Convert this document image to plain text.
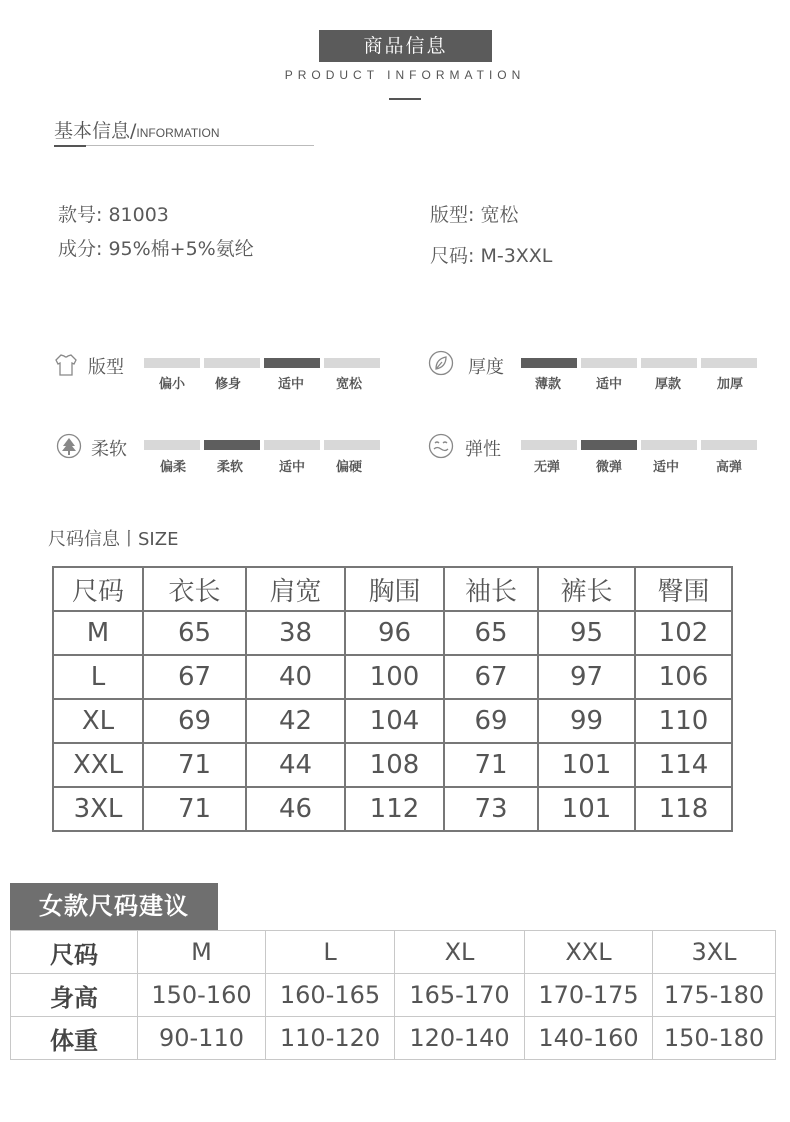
商品信息
PRODUCT INFORMATION
基本信息/INFORMATION
款号: 81003	版型: 宽松
成分: 95%棉+5%氨纶	尺码: M-3XXL
版型
偏小	修身	适中	宽松
厚度
薄款	适中	厚款	加厚
柔软
偏柔	柔软	适中	偏硬
弹性
无弹	微弹	适中	高弹
尺码信息丨SIZE
尺码	衣长	肩宽	胸围	袖长	裤长	臀围
M	65	38	96	65	95	102
L	67	40	100	67	97	106
XL	69	42	104	69	99	110
XXL	71	44	108	71	101	114
3XL	71	46	112	73	101	118
女款尺码建议
尺码	M	L	XL	XXL	3XL
身高	150-160	160-165	165-170	170-175	175-180
体重	90-110	110-120	120-140	140-160	150-180
